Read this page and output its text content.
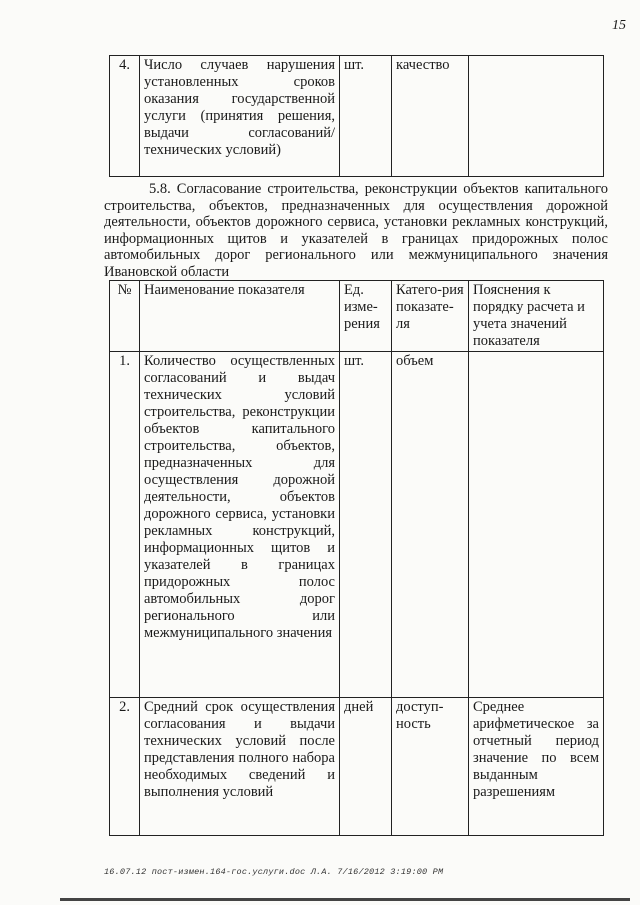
15
4.	Число случаев нарушения установленных сроков оказания государственной услуги (принятия решения, выдачи согласований/технических условий)	шт.	качество	
5.8. Согласование строительства, реконструкции объектов капитального строительства, объектов, предназначенных для осуществления дорожной деятельности, объектов дорожного сервиса, установки рекламных конструкций, информационных щитов и указателей в границах придорожных полос автомобильных дорог регионального или межмуниципального значения Ивановской области
№	Наименование показателя	Ед. изме-рения	Катего-рия показате-ля	Пояснения к порядку расчета и учета значений показателя
1.	Количество осуществленных согласований и выдач технических условий строительства, реконструкции объектов капитального строительства, объектов, предназначенных для осуществления дорожной деятельности, объектов дорожного сервиса, установки рекламных конструкций, информационных щитов и указателей в границах придорожных полос автомобильных дорог регионального или межмуниципального значения	шт.	объем	
2.	Средний срок осуществления согласования и выдачи технических условий после представления полного набора необходимых сведений и выполнения условий	дней	доступ-ность	Среднее арифметическое за отчетный период значение по всем выданным разрешениям
16.07.12 пост-измен.164-гос.услуги.doc Л.А. 7/16/2012 3:19:00 PM
